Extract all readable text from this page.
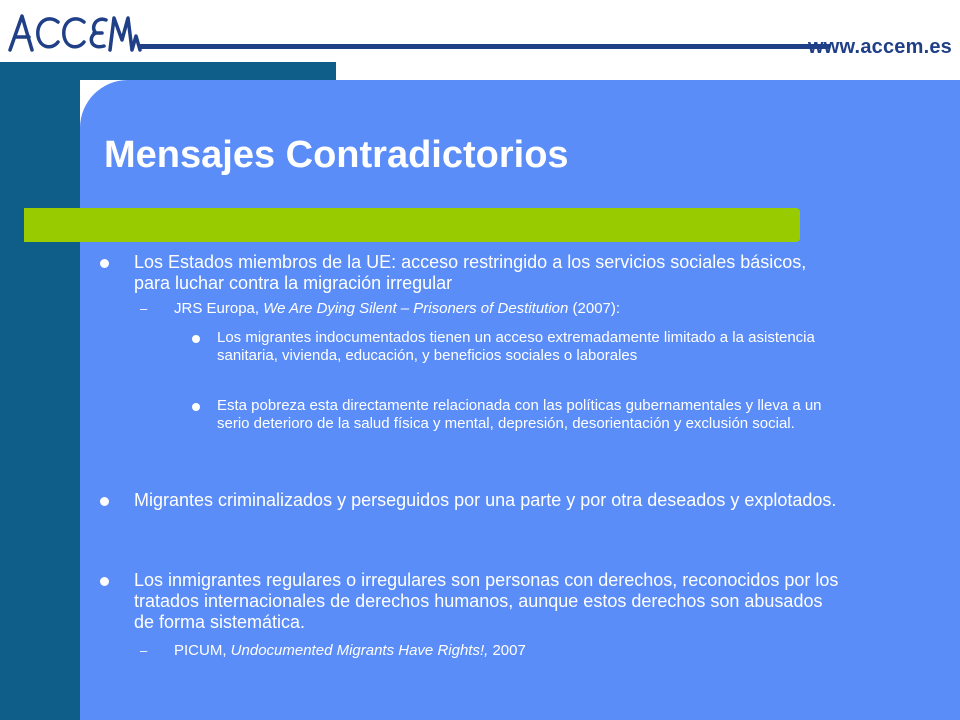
www.accem.es
Mensajes Contradictorios
Los Estados miembros de la UE: acceso restringido a los servicios sociales básicos, para luchar contra la migración irregular
– JRS Europa, We Are Dying Silent – Prisoners of Destitution (2007):
Los migrantes indocumentados tienen un acceso extremadamente limitado a la asistencia sanitaria, vivienda, educación, y beneficios sociales o laborales
Esta pobreza esta directamente relacionada con las políticas gubernamentales y lleva a un serio deterioro de la salud física y mental, depresión, desorientación y exclusión social.
Migrantes criminalizados y perseguidos por una parte y por otra deseados y explotados.
Los inmigrantes regulares o irregulares son personas con derechos, reconocidos por los tratados internacionales de derechos humanos, aunque estos derechos son abusados de forma sistemática.
– PICUM, Undocumented Migrants Have Rights!, 2007
